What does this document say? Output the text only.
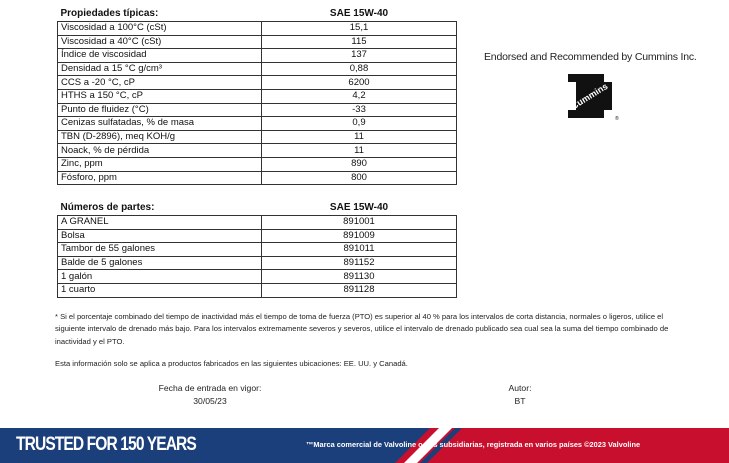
Propiedades típicas:	SAE 15W-40
Viscosidad a 100°C (cSt)	15,1
Viscosidad a 40°C (cSt)	115
Índice de viscosidad	137
Densidad a 15 °C g/cm³	0,88
CCS a -20 °C, cP	6200
HTHS a 150 °C, cP	4,2
Punto de fluidez (°C)	-33
Cenizas sulfatadas, % de masa	0,9
TBN (D-2896), meq KOH/g	11
Noack, % de pérdida	11
Zinc, ppm	890
Fósforo, ppm	800
Números de partes:	SAE 15W-40
A GRANEL	891001
Bolsa	891009
Tambor de 55 galones	891011
Balde de 5 galones	891152
1 galón	891130
1 cuarto	891128
Endorsed and Recommended by Cummins Inc.
Cummins
®
* Si el porcentaje combinado del tiempo de inactividad más el tiempo de toma de fuerza (PTO) es superior al 40 % para los intervalos de corta distancia, normales o ligeros, utilice el siguiente intervalo de drenado más bajo. Para los intervalos extremamente severos y severos, utilice el intervalo de drenado publicado sea cual sea la suma del tiempo combinado de inactividad y el PTO.
Esta información solo se aplica a productos fabricados en las siguientes ubicaciones: EE. UU. y Canadá.
Fecha de entrada en vigor:
30/05/23
Autor:
BT
TRUSTED FOR 150 YEARS	™Marca comercial de Valvoline o sus subsidiarias, registrada en varios países ©2023 Valvoline
